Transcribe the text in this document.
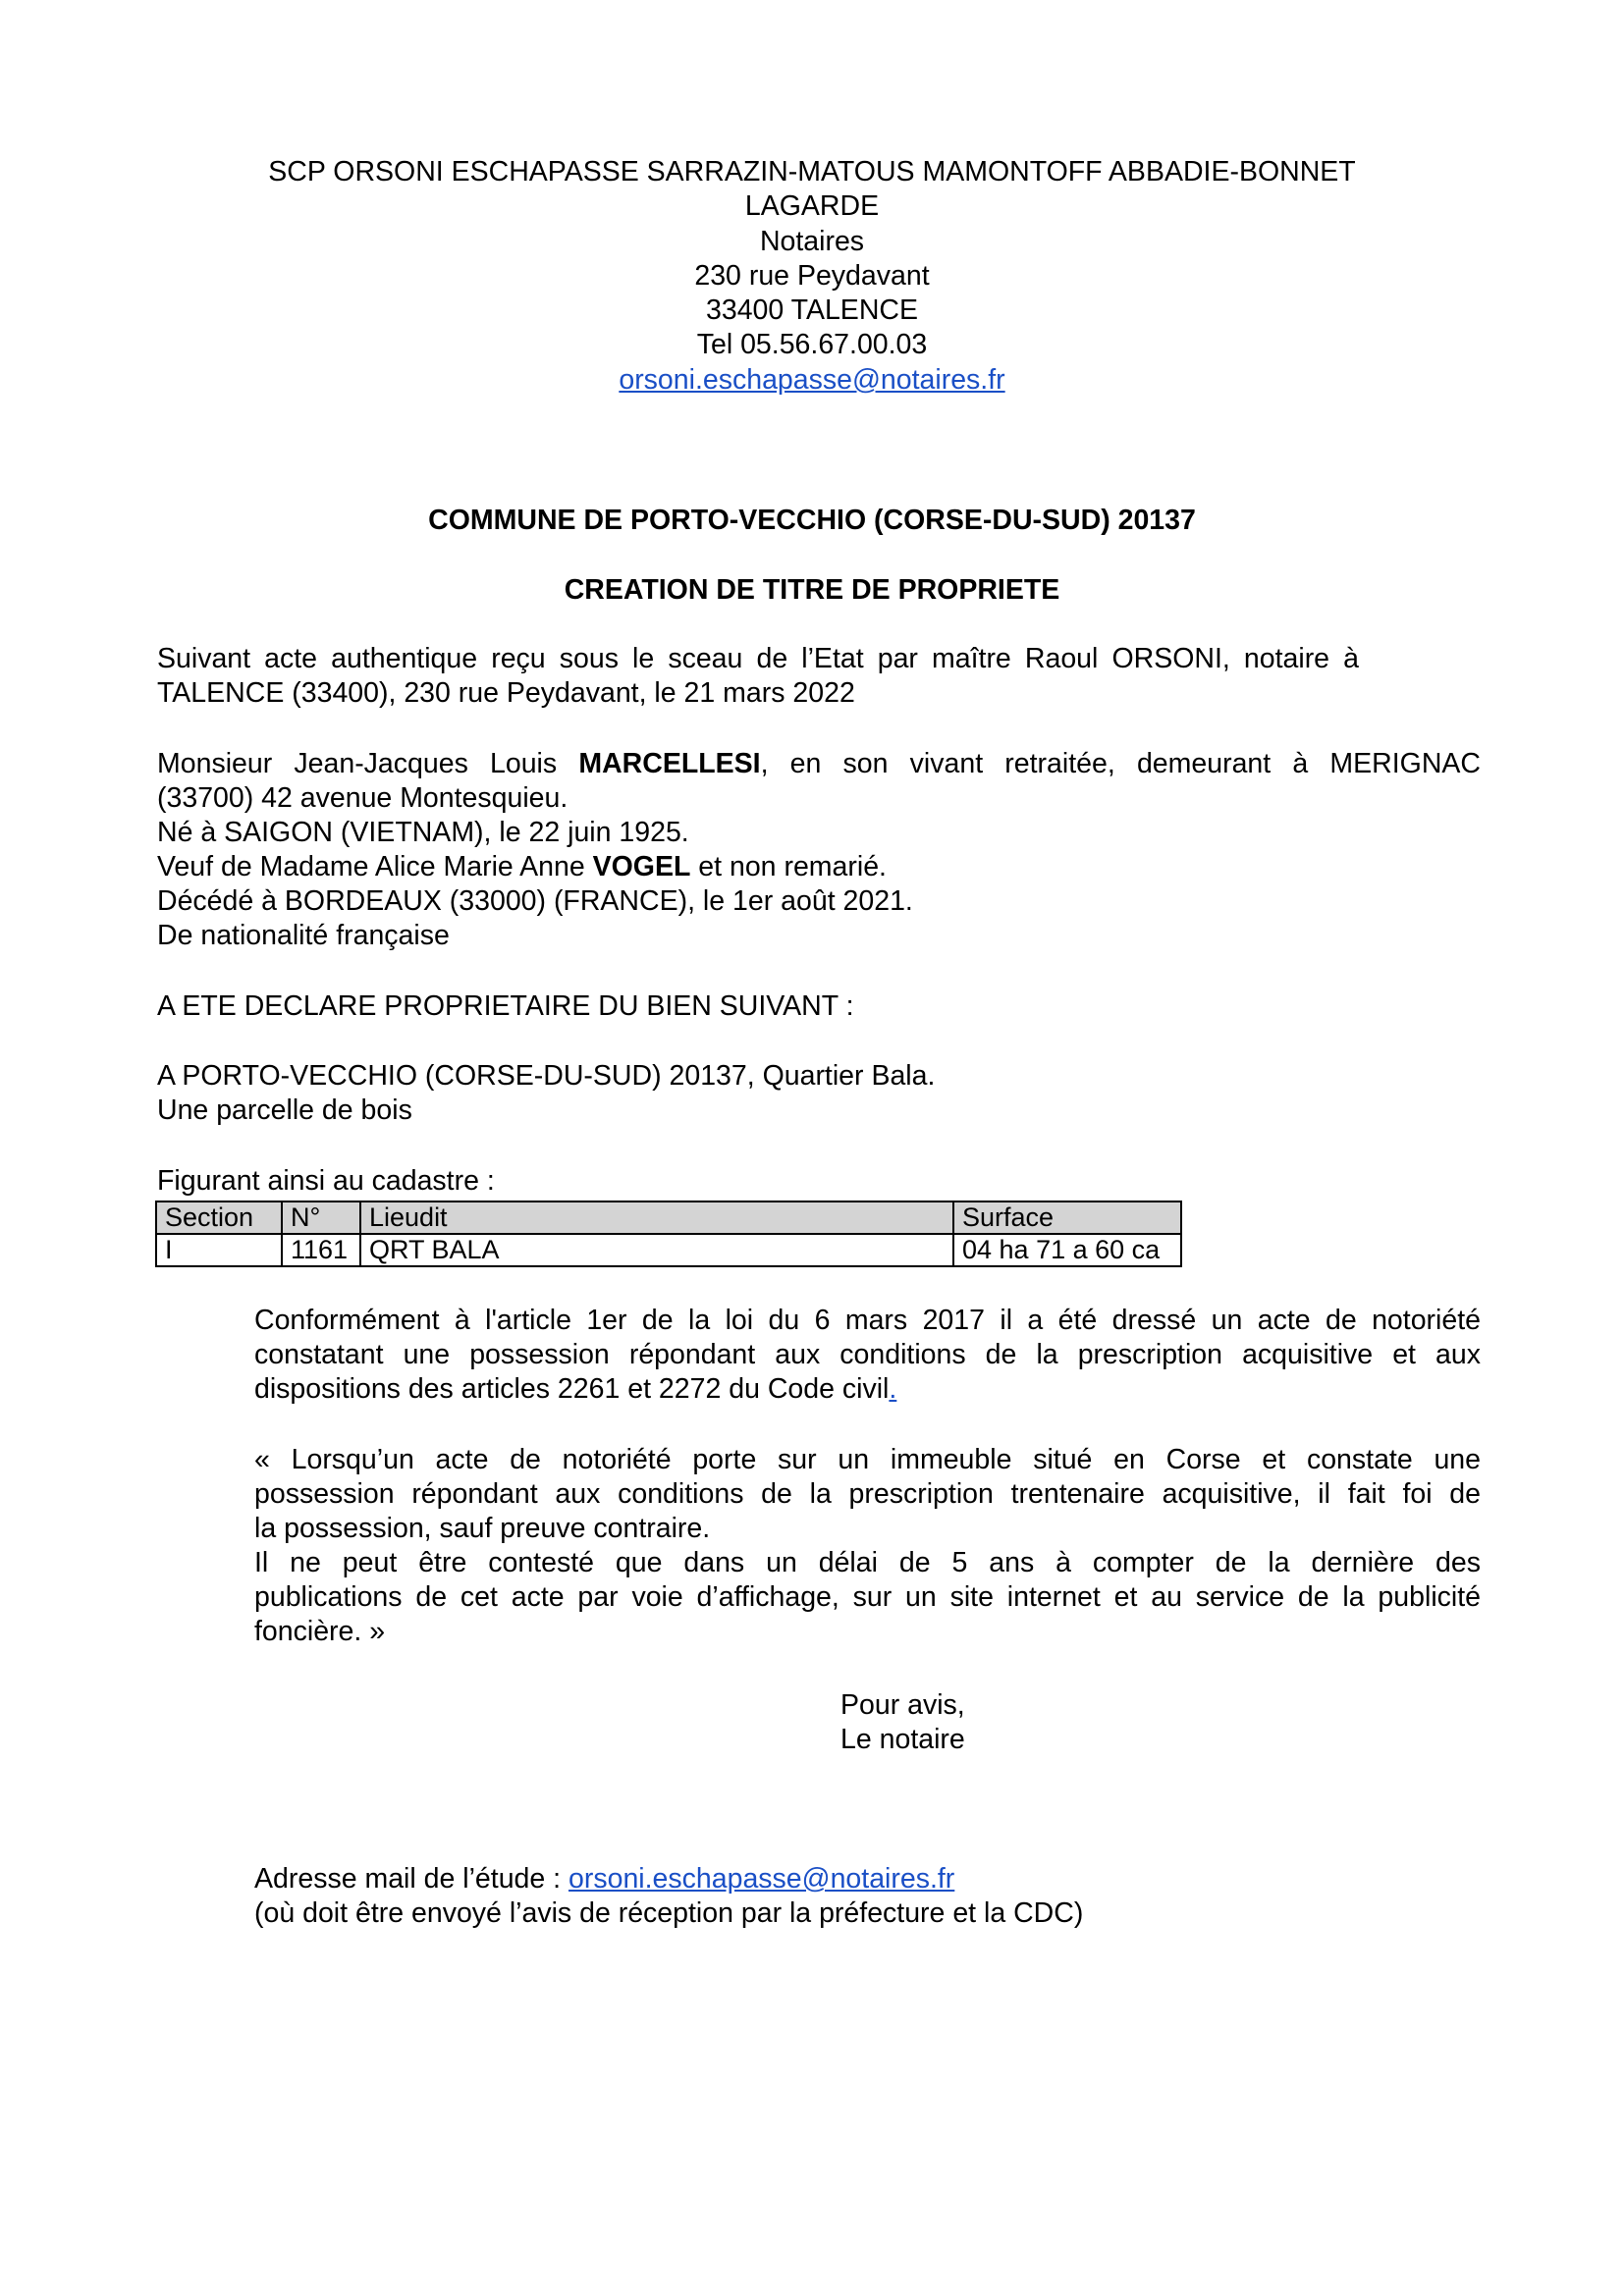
SCP ORSONI ESCHAPASSE SARRAZIN-MATOUS MAMONTOFF ABBADIE-BONNET
LAGARDE
Notaires
230 rue Peydavant
33400 TALENCE
Tel 05.56.67.00.03
orsoni.eschapasse@notaires.fr
COMMUNE DE PORTO-VECCHIO (CORSE-DU-SUD) 20137
CREATION DE TITRE DE PROPRIETE
Suivant acte authentique reçu sous le sceau de l’Etat par maître Raoul ORSONI, notaire à
TALENCE (33400), 230 rue Peydavant, le 21 mars 2022
Monsieur Jean-Jacques Louis MARCELLESI, en son vivant retraitée, demeurant à MERIGNAC
(33700) 42 avenue Montesquieu.
Né à SAIGON (VIETNAM), le 22 juin 1925.
Veuf de Madame Alice Marie Anne VOGEL et non remarié.
Décédé à BORDEAUX (33000) (FRANCE), le 1er août 2021.
De nationalité française
A ETE DECLARE PROPRIETAIRE DU BIEN SUIVANT :
A PORTO-VECCHIO (CORSE-DU-SUD) 20137, Quartier Bala.
Une parcelle de bois
Figurant ainsi au cadastre :
Section	N°	Lieudit	Surface
I	1161	QRT BALA	04 ha 71 a 60 ca
Conformément à l'article 1er de la loi du 6 mars 2017 il a été dressé un acte de notoriété
constatant une possession répondant aux conditions de la prescription acquisitive et aux
dispositions des articles 2261 et 2272 du Code civil.
« Lorsqu’un acte de notoriété porte sur un immeuble situé en Corse et constate une
possession répondant aux conditions de la prescription trentenaire acquisitive, il fait foi de
la possession, sauf preuve contraire.
Il ne peut être contesté que dans un délai de 5 ans à compter de la dernière des
publications de cet acte par voie d’affichage, sur un site internet et au service de la publicité
foncière. »
Pour avis,
Le notaire
Adresse mail de l’étude : orsoni.eschapasse@notaires.fr
(où doit être envoyé l’avis de réception par la préfecture et la CDC)
